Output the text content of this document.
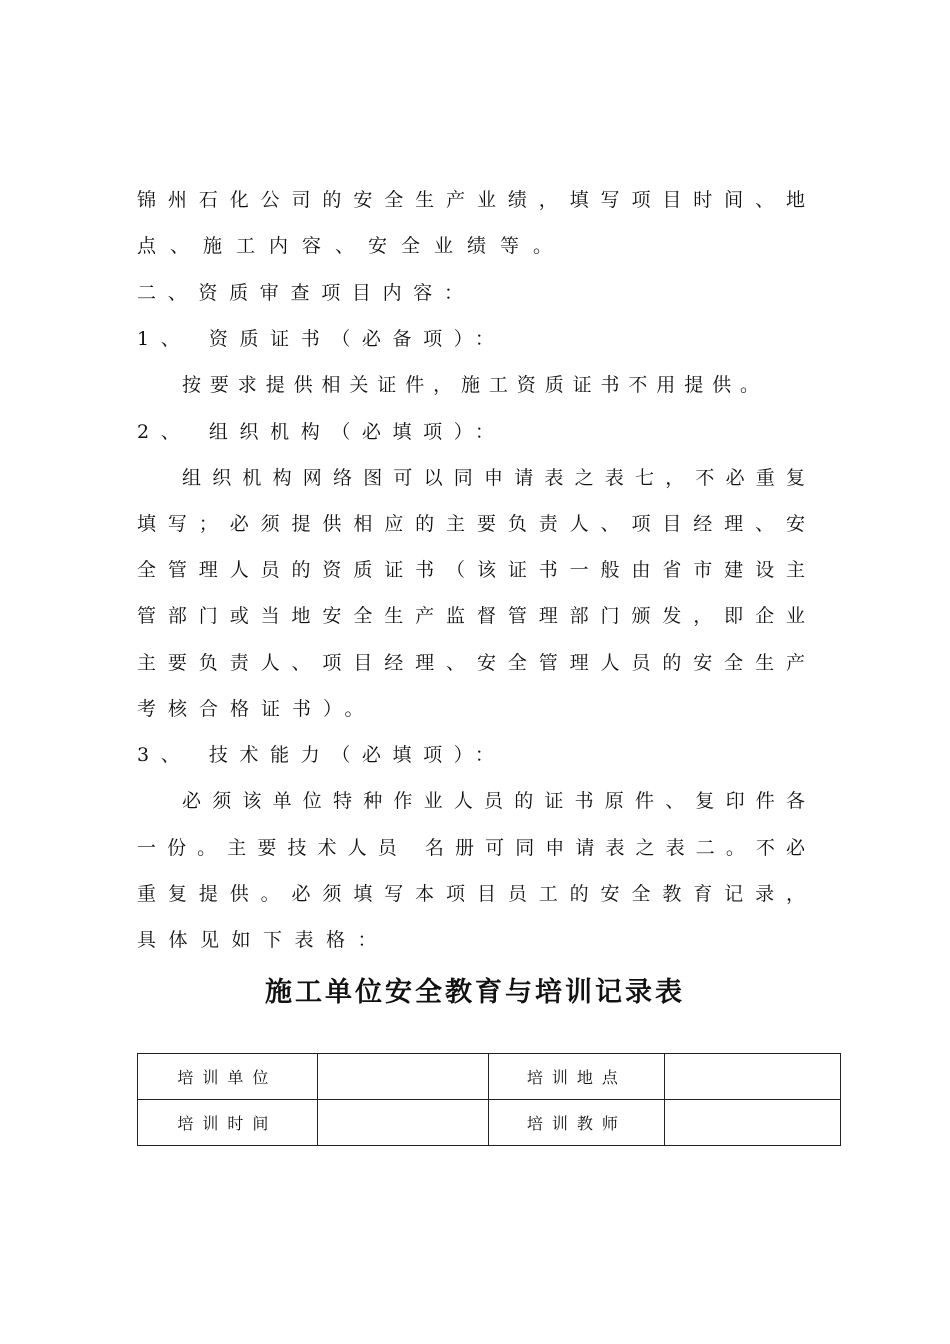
锦州石化公司的安全生产业绩，填写项目时间、地
点、施工内容、安全业绩等。
二、资质审查项目内容：
1、 资质证书（必备项）：
按要求提供相关证件，施工资质证书不用提供。
2、 组织机构（必填项）：
组织机构网络图可以同申请表之表七，不必重复
填写；必须提供相应的主要负责人、项目经理、安
全管理人员的资质证书（该证书一般由省市建设主
管部门或当地安全生产监督管理部门颁发，即企业
主要负责人、项目经理、安全管理人员的安全生产
考核合格证书）。
3、 技术能力（必填项）：
必须该单位特种作业人员的证书原件、复印件各
一份。主要技术人员 名册可同申请表之表二。不必
重复提供。必须填写本项目员工的安全教育记录，
具体见如下表格：
施工单位安全教育与培训记录表
培训单位		培训地点	
培训时间		培训教师	
